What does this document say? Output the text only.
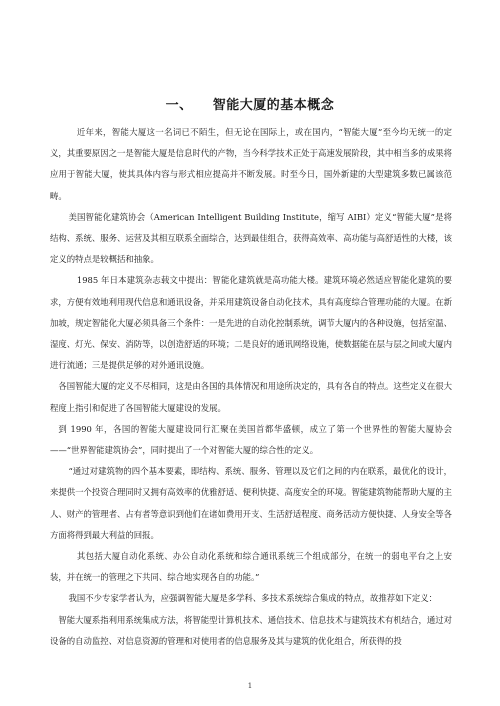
一、 智能大厦的基本概念

近年来，智能大厦这一名词已不陌生，但无论在国际上，或在国内，“智能大厦”至今均无统一的定义，其重要原因之一是智能大厦是信息时代的产物，当今科学技术正处于高速发展阶段，其中相当多的成果将应用于智能大厦，使其具体内容与形式相应提高并不断发展。时至今日，国外新建的大型建筑多数已属该范畴。

美国智能化建筑协会（American Intelligent Building Institute，缩写 AIBI）定义“智能大厦”是将结构、系统、服务、运营及其相互联系全面综合，达到最佳组合，获得高效率、高功能与高舒适性的大楼，该定义的特点是较概括和抽象。

1985 年日本建筑杂志载文中提出：智能化建筑就是高功能大楼。建筑环境必然适应智能化建筑的要求，方便有效地利用现代信息和通讯设备，并采用建筑设备自动化技术，具有高度综合管理功能的大厦。在新加坡，规定智能化大厦必须具备三个条件：一是先进的自动化控制系统，调节大厦内的各种设施，包括室温、湿度、灯光、保安、消防等，以创造舒适的环境；二是良好的通讯网络设施，使数据能在层与层之间或大厦内进行流通；三是提供足够的对外通讯设施。

各国智能大厦的定义不尽相同，这是由各国的具体情况和用途所决定的，具有各自的特点。这些定义在很大程度上指引和促进了各国智能大厦建设的发展。

到 1990 年，各国的智能大厦建设同行汇聚在美国首都华盛顿，成立了第一个世界性的智能大厦协会——“世界智能建筑协会”，同时提出了一个对智能大厦的综合性的定义。

“通过对建筑物的四个基本要素，即结构、系统、服务、管理以及它们之间的内在联系，最优化的设计，来提供一个投资合理同时又拥有高效率的优雅舒适、便利快捷、高度安全的环境。智能建筑物能帮助大厦的主人、财产的管理者、占有者等意识到他们在诸如费用开支、生活舒适程度、商务活动方便快捷、人身安全等各方面将得到最大利益的回报。

其包括大厦自动化系统、办公自动化系统和综合通讯系统三个组成部分，在统一的弱电平台之上安装，并在统一的管理之下共同、综合地实现各自的功能。”

我国不少专家学者认为，应强调智能大厦是多学科、多技术系统综合集成的特点，故推荐如下定义：

智能大厦系指利用系统集成方法，将智能型计算机技术、通信技术、信息技术与建筑技术有机结合，通过对设备的自动监控、对信息资源的管理和对使用者的信息服务及其与建筑的优化组合，所获得的投

1
